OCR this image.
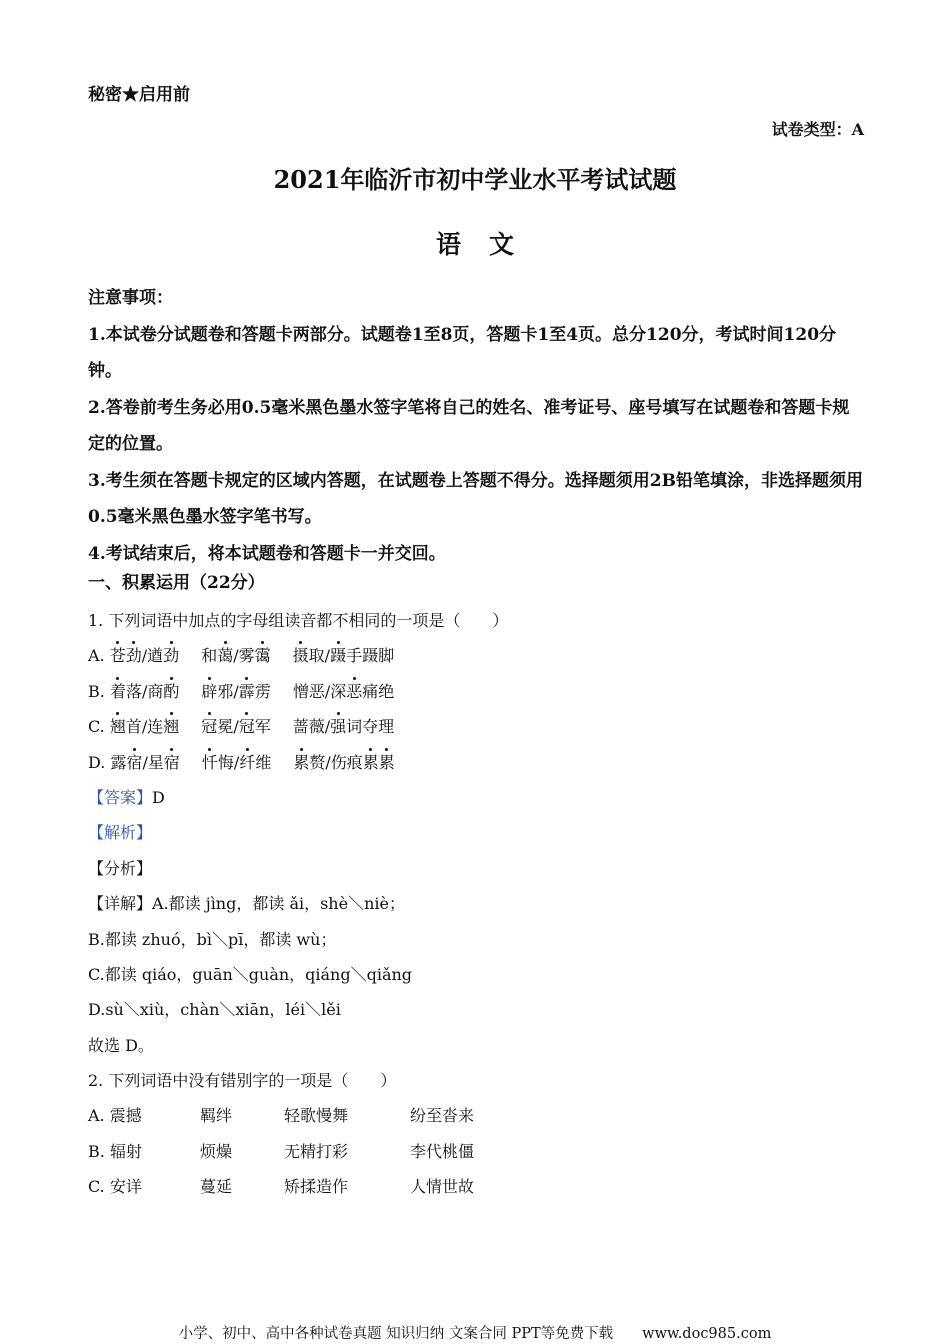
秘密★启用前
试卷类型：A
2021年临沂市初中学业水平考试试题
语文

注意事项：

1.本试卷分试题卷和答题卡两部分。试题卷1至8页，答题卡1至4页。总分120分，考试时间120分钟。

2.答卷前考生务必用0.5毫米黑色墨水签字笔将自己的姓名、准考证号、座号填写在试题卷和答题卡规定的位置。

3.考生须在答题卡规定的区域内答题，在试题卷上答题不得分。选择题须用2B铅笔填涂，非选择题须用0.5毫米黑色墨水签字笔书写。

4.考试结束后，将本试题卷和答题卡一并交回。

一、积累运用（22分）
1. 下列词语中加点的字母组读音都不相同的一项是（　　）
A. 苍劲/遒劲 和蔼/雾霭 摄取/蹑手蹑脚
B. 着落/商酌 辟邪/霹雳 憎恶/深恶痛绝
C. 翘首/连翘 冠冕/冠军 蔷薇/强词夺理
D. 露宿/星宿 忏悔/纤维 累赘/伤痕累累
【答案】D
【解析】
【分析】
【详解】A.都读 jìng，都读 ǎi，shè＼niè；
B.都读 zhuó，bì＼pī，都读 wù；
C.都读 qiáo，guān＼guàn，qiáng＼qiǎng
D.sù＼xiù，chàn＼xiān，léi＼lěi
故选 D。
2. 下列词语中没有错别字的一项是（　　）
A. 震撼	羁绊	轻歌慢舞	纷至沓来
B. 辐射	烦燥	无精打彩	李代桃僵
C. 安详	蔓延	矫揉造作	人情世故
小学、初中、高中各种试卷真题 知识归纳 文案合同 PPT等免费下载　　www.doc985.com
